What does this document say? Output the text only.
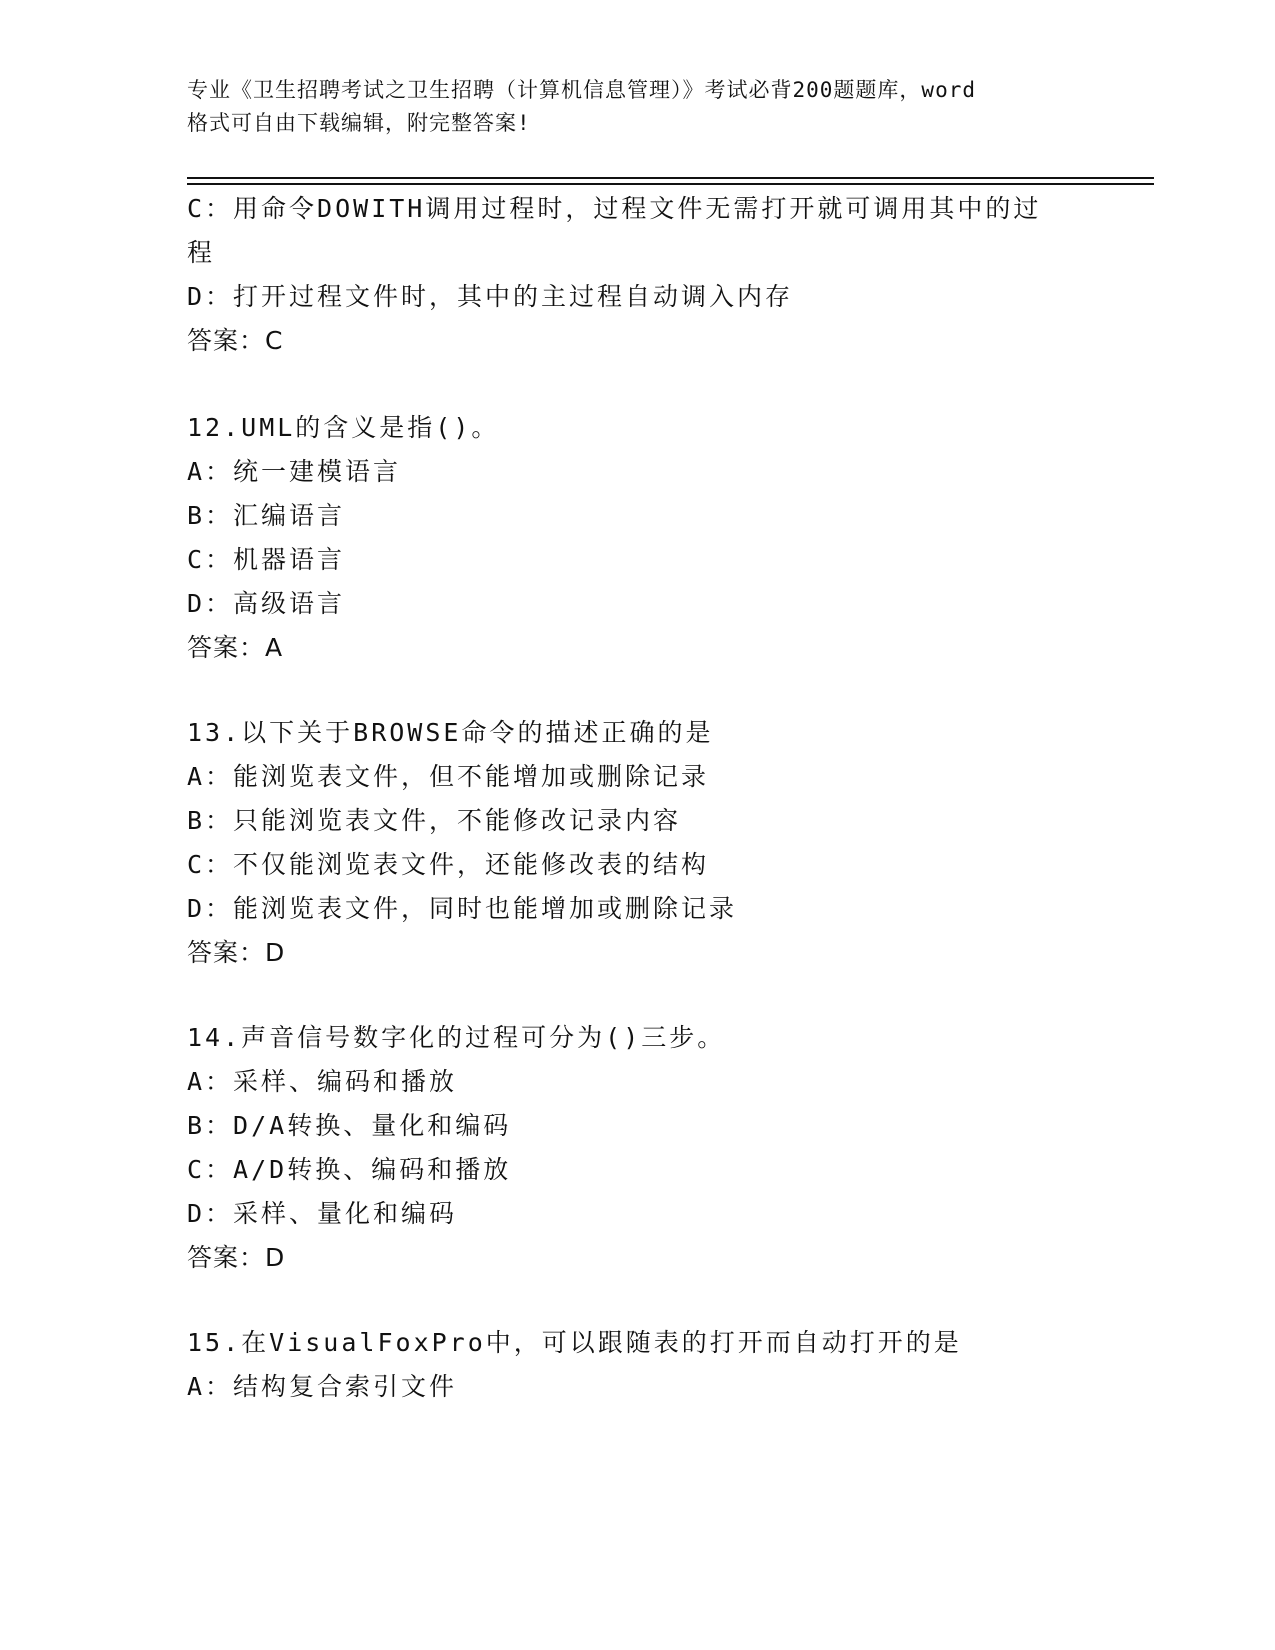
专业《卫生招聘考试之卫生招聘（计算机信息管理）》考试必背200题题库，word
格式可自由下载编辑，附完整答案!
C：用命令DOWITH调用过程时，过程文件无需打开就可调用其中的过
程
D：打开过程文件时，其中的主过程自动调入内存
答案：C
12.UML的含义是指()。
A：统一建模语言
B：汇编语言
C：机器语言
D：高级语言
答案：A
13.以下关于BROWSE命令的描述正确的是
A：能浏览表文件，但不能增加或删除记录
B：只能浏览表文件，不能修改记录内容
C：不仅能浏览表文件，还能修改表的结构
D：能浏览表文件，同时也能增加或删除记录
答案：D
14.声音信号数字化的过程可分为()三步。
A：采样、编码和播放
B：D/A转换、量化和编码
C：A/D转换、编码和播放
D：采样、量化和编码
答案：D
15.在VisualFoxPro中，可以跟随表的打开而自动打开的是
A：结构复合索引文件
